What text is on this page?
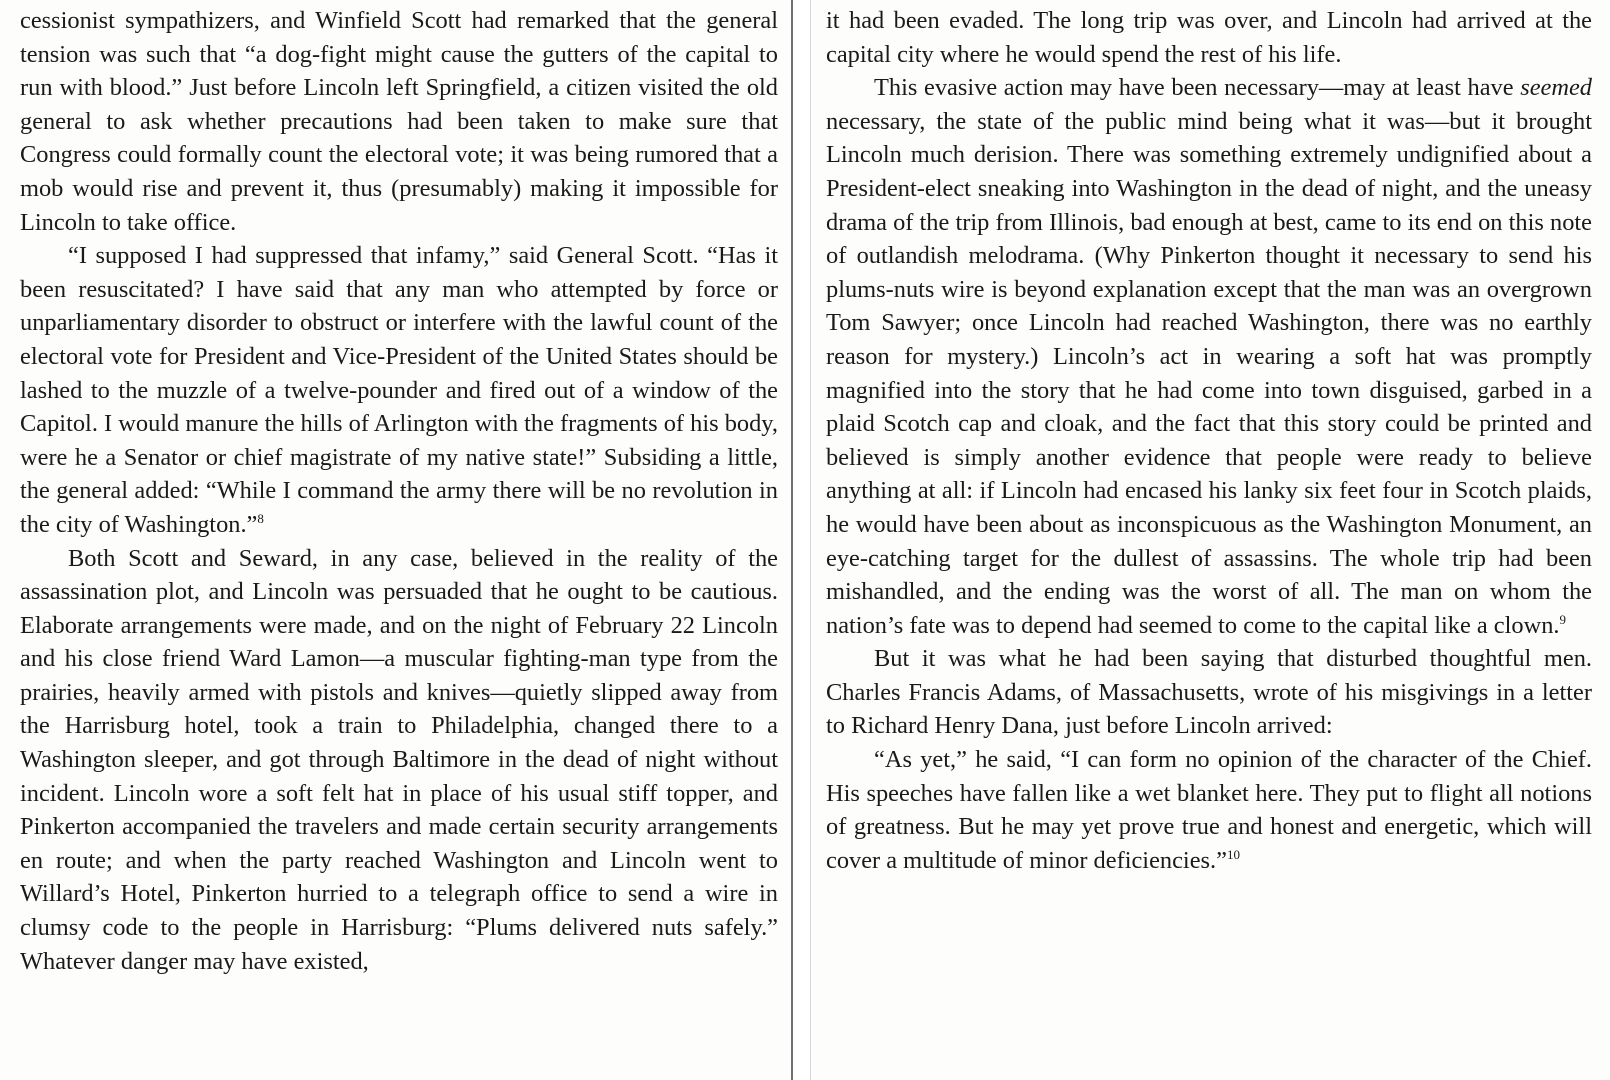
cessionist sympathizers, and Winfield Scott had remarked that the general tension was such that “a dog-fight might cause the gutters of the capital to run with blood.” Just before Lincoln left Springfield, a citizen visited the old general to ask whether precautions had been taken to make sure that Congress could formally count the electoral vote; it was being rumored that a mob would rise and prevent it, thus (presumably) making it impossible for Lincoln to take office.

“I supposed I had suppressed that infamy,” said General Scott. “Has it been resuscitated? I have said that any man who attempted by force or unparliamentary disorder to obstruct or interfere with the lawful count of the electoral vote for President and Vice-President of the United States should be lashed to the muzzle of a twelve-pounder and fired out of a window of the Capitol. I would manure the hills of Arlington with the fragments of his body, were he a Senator or chief magistrate of my native state!” Subsiding a little, the general added: “While I command the army there will be no revolution in the city of Washington.”$^8$

Both Scott and Seward, in any case, believed in the reality of the assassination plot, and Lincoln was persuaded that he ought to be cautious. Elaborate arrangements were made, and on the night of February 22 Lincoln and his close friend Ward Lamon—a muscular fighting-man type from the prairies, heavily armed with pistols and knives—quietly slipped away from the Harrisburg hotel, took a train to Philadelphia, changed there to a Washington sleeper, and got through Baltimore in the dead of night without incident. Lincoln wore a soft felt hat in place of his usual stiff topper, and Pinkerton accompanied the travelers and made certain security arrangements en route; and when the party reached Washington and Lincoln went to Willard’s Hotel, Pinkerton hurried to a telegraph office to send a wire in clumsy code to the people in Harrisburg: “Plums delivered nuts safely.” Whatever danger may have existed,

it had been evaded. The long trip was over, and Lincoln had arrived at the capital city where he would spend the rest of his life.

This evasive action may have been necessary—may at least have seemed necessary, the state of the public mind being what it was—but it brought Lincoln much derision. There was something extremely undignified about a President-elect sneaking into Washington in the dead of night, and the uneasy drama of the trip from Illinois, bad enough at best, came to its end on this note of outlandish melodrama. (Why Pinkerton thought it necessary to send his plums-nuts wire is beyond explanation except that the man was an overgrown Tom Sawyer; once Lincoln had reached Washington, there was no earthly reason for mystery.) Lincoln’s act in wearing a soft hat was promptly magnified into the story that he had come into town disguised, garbed in a plaid Scotch cap and cloak, and the fact that this story could be printed and believed is simply another evidence that people were ready to believe anything at all: if Lincoln had encased his lanky six feet four in Scotch plaids, he would have been about as inconspicuous as the Washington Monument, an eye-catching target for the dullest of assassins. The whole trip had been mishandled, and the ending was the worst of all. The man on whom the nation’s fate was to depend had seemed to come to the capital like a clown.$^9$

But it was what he had been saying that disturbed thoughtful men. Charles Francis Adams, of Massachusetts, wrote of his misgivings in a letter to Richard Henry Dana, just before Lincoln arrived:

“As yet,” he said, “I can form no opinion of the character of the Chief. His speeches have fallen like a wet blanket here. They put to flight all notions of greatness. But he may yet prove true and honest and energetic, which will cover a multitude of minor deficiencies.”$^{10}$
